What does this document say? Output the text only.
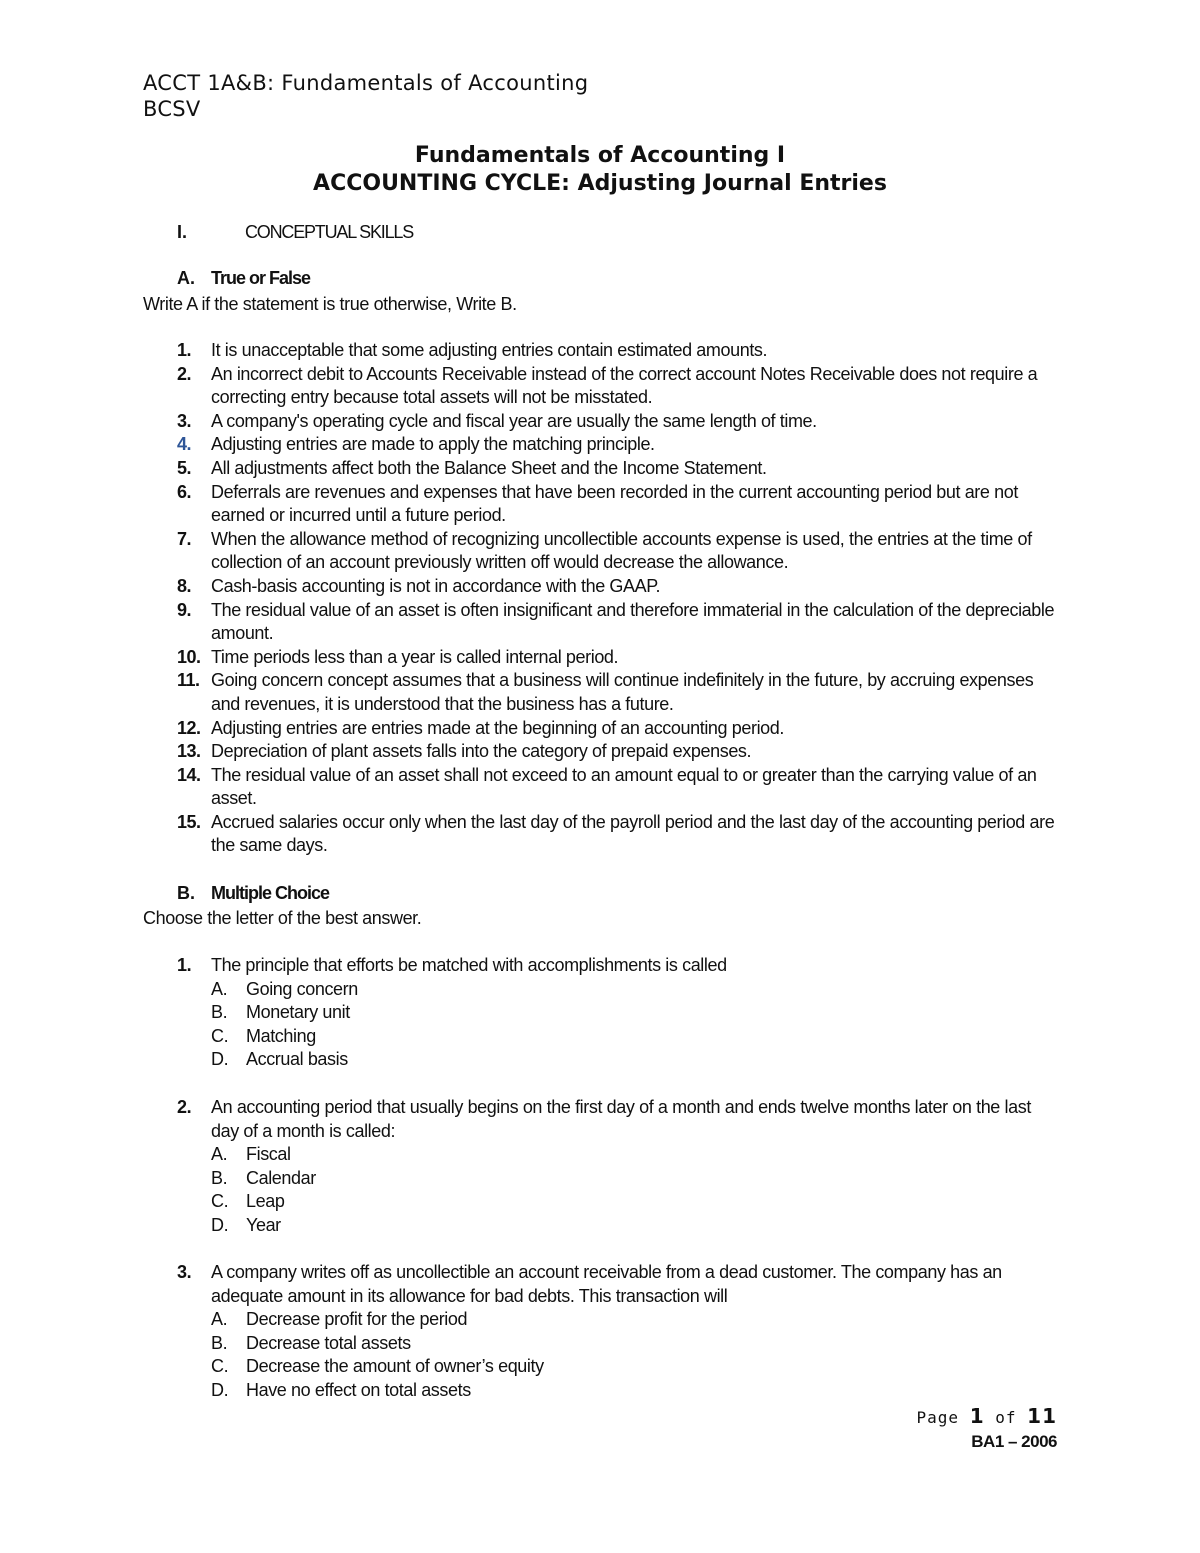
ACCT 1A&B: Fundamentals of Accounting
BCSV
Fundamentals of Accounting I
ACCOUNTING CYCLE: Adjusting Journal Entries
I.	CONCEPTUAL SKILLS
A. True or False
Write A if the statement is true otherwise, Write B.
1. It is unacceptable that some adjusting entries contain estimated amounts.
2. An incorrect debit to Accounts Receivable instead of the correct account Notes Receivable does not require a correcting entry because total assets will not be misstated.
3. A company's operating cycle and fiscal year are usually the same length of time.
4. Adjusting entries are made to apply the matching principle.
5. All adjustments affect both the Balance Sheet and the Income Statement.
6. Deferrals are revenues and expenses that have been recorded in the current accounting period but are not earned or incurred until a future period.
7. When the allowance method of recognizing uncollectible accounts expense is used, the entries at the time of collection of an account previously written off would decrease the allowance.
8. Cash-basis accounting is not in accordance with the GAAP.
9. The residual value of an asset is often insignificant and therefore immaterial in the calculation of the depreciable amount.
10. Time periods less than a year is called internal period.
11. Going concern concept assumes that a business will continue indefinitely in the future, by accruing expenses and revenues, it is understood that the business has a future.
12. Adjusting entries are entries made at the beginning of an accounting period.
13. Depreciation of plant assets falls into the category of prepaid expenses.
14. The residual value of an asset shall not exceed to an amount equal to or greater than the carrying value of an asset.
15. Accrued salaries occur only when the last day of the payroll period and the last day of the accounting period are the same days.
B. Multiple Choice
Choose the letter of the best answer.
1. The principle that efforts be matched with accomplishments is called
A. Going concern
B. Monetary unit
C. Matching
D. Accrual basis
2. An accounting period that usually begins on the first day of a month and ends twelve months later on the last day of a month is called:
A. Fiscal
B. Calendar
C. Leap
D. Year
3. A company writes off as uncollectible an account receivable from a dead customer. The company has an adequate amount in its allowance for bad debts. This transaction will
A. Decrease profit for the period
B. Decrease total assets
C. Decrease the amount of owner’s equity
D. Have no effect on total assets
Page 1 of 11
BA1 – 2006
